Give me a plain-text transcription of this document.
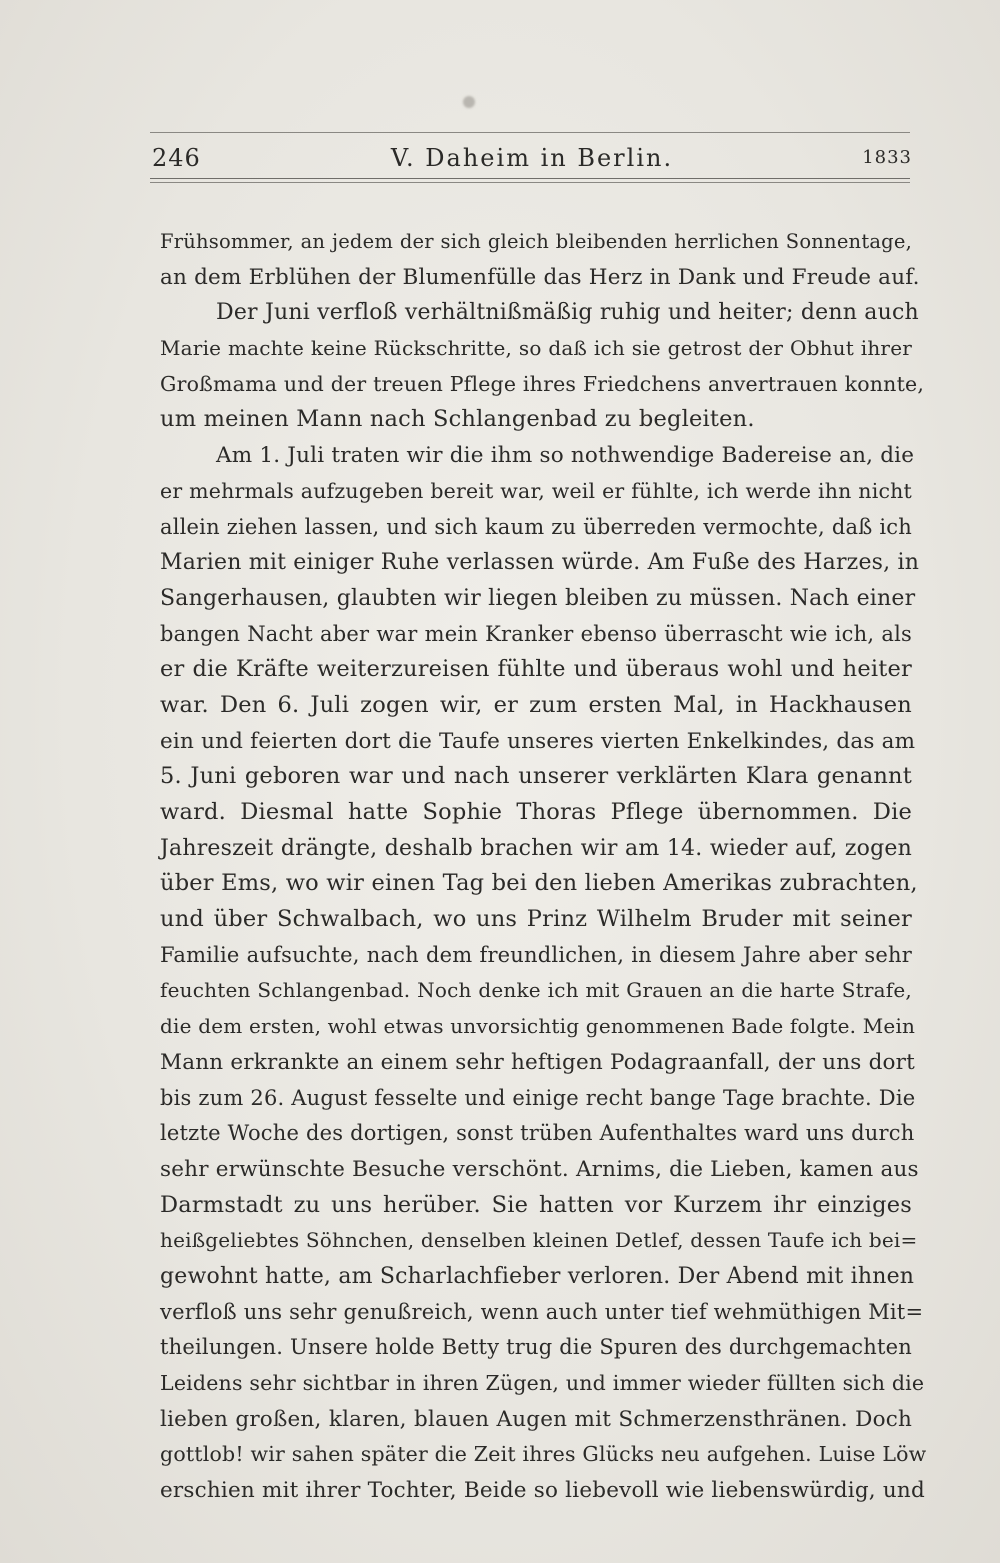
246	V. Daheim in Berlin.	1833
Frühsommer, an jedem der sich gleich bleibenden herrlichen Sonnentage,
an dem Erblühen der Blumenfülle das Herz in Dank und Freude auf.
Der Juni verfloß verhältnißmäßig ruhig und heiter; denn auch
Marie machte keine Rückschritte, so daß ich sie getrost der Obhut ihrer
Großmama und der treuen Pflege ihres Friedchens anvertrauen konnte,
um meinen Mann nach Schlangenbad zu begleiten.
Am 1. Juli traten wir die ihm so nothwendige Badereise an, die
er mehrmals aufzugeben bereit war, weil er fühlte, ich werde ihn nicht
allein ziehen lassen, und sich kaum zu überreden vermochte, daß ich
Marien mit einiger Ruhe verlassen würde. Am Fuße des Harzes, in
Sangerhausen, glaubten wir liegen bleiben zu müssen. Nach einer
bangen Nacht aber war mein Kranker ebenso überrascht wie ich, als
er die Kräfte weiterzureisen fühlte und überaus wohl und heiter
war. Den 6. Juli zogen wir, er zum ersten Mal, in Hackhausen
ein und feierten dort die Taufe unseres vierten Enkelkindes, das am
5. Juni geboren war und nach unserer verklärten Klara genannt
ward. Diesmal hatte Sophie Thoras Pflege übernommen. Die
Jahreszeit drängte, deshalb brachen wir am 14. wieder auf, zogen
über Ems, wo wir einen Tag bei den lieben Amerikas zubrachten,
und über Schwalbach, wo uns Prinz Wilhelm Bruder mit seiner
Familie aufsuchte, nach dem freundlichen, in diesem Jahre aber sehr
feuchten Schlangenbad. Noch denke ich mit Grauen an die harte Strafe,
die dem ersten, wohl etwas unvorsichtig genommenen Bade folgte. Mein
Mann erkrankte an einem sehr heftigen Podagraanfall, der uns dort
bis zum 26. August fesselte und einige recht bange Tage brachte. Die
letzte Woche des dortigen, sonst trüben Aufenthaltes ward uns durch
sehr erwünschte Besuche verschönt. Arnims, die Lieben, kamen aus
Darmstadt zu uns herüber. Sie hatten vor Kurzem ihr einziges
heißgeliebtes Söhnchen, denselben kleinen Detlef, dessen Taufe ich bei=
gewohnt hatte, am Scharlachfieber verloren. Der Abend mit ihnen
verfloß uns sehr genußreich, wenn auch unter tief wehmüthigen Mit=
theilungen. Unsere holde Betty trug die Spuren des durchgemachten
Leidens sehr sichtbar in ihren Zügen, und immer wieder füllten sich die
lieben großen, klaren, blauen Augen mit Schmerzensthränen. Doch
gottlob! wir sahen später die Zeit ihres Glücks neu aufgehen. Luise Löw
erschien mit ihrer Tochter, Beide so liebevoll wie liebenswürdig, und
